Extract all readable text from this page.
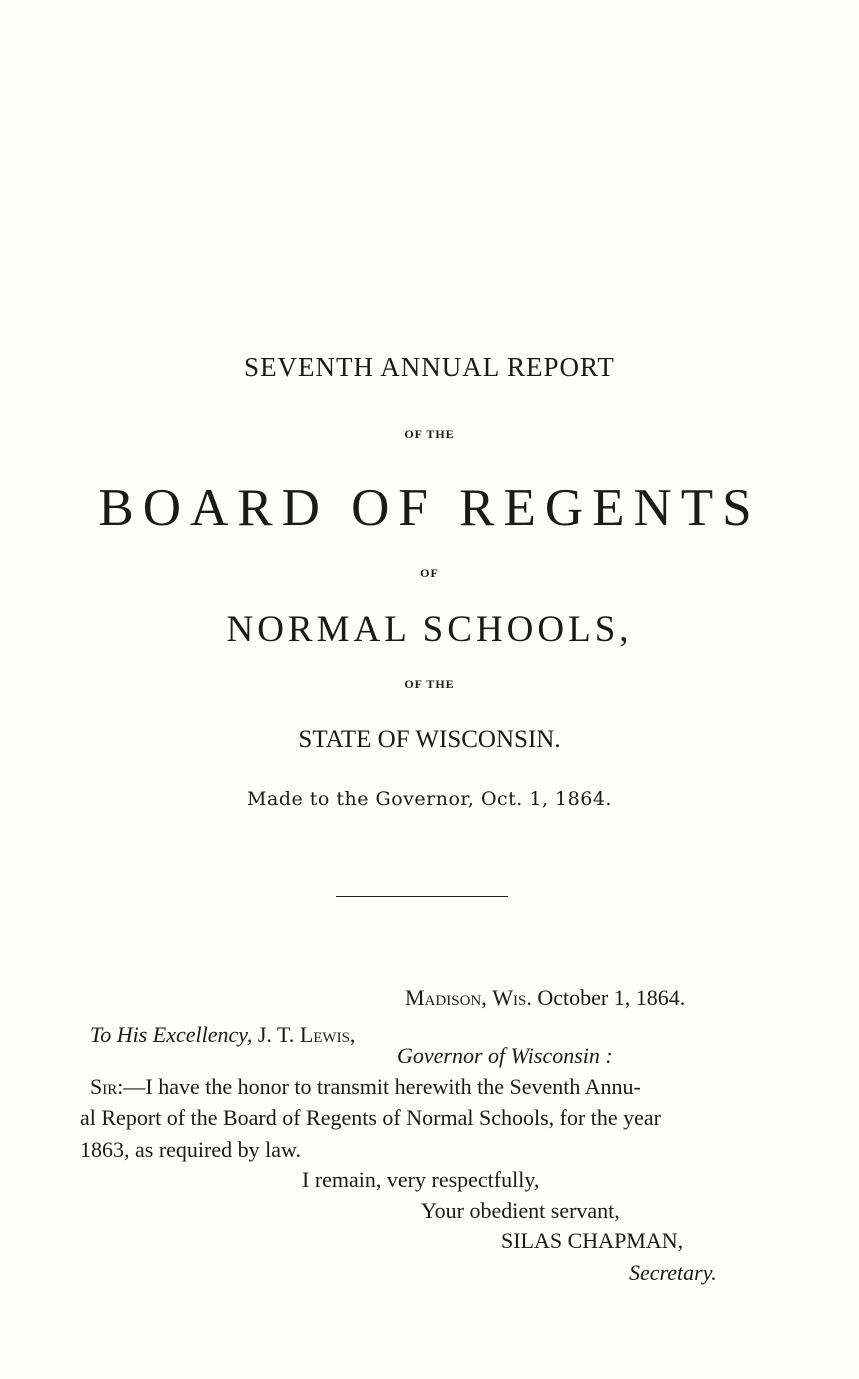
SEVENTH ANNUAL REPORT
OF THE
BOARD OF REGENTS
OF
NORMAL SCHOOLS,
OF THE
STATE OF WISCONSIN.
Made to the Governor, Oct. 1, 1864.
Madison, Wis. October 1, 1864.
To His Excellency, J. T. Lewis,
Governor of Wisconsin :
Sir:—I have the honor to transmit herewith the Seventh Annu-
al Report of the Board of Regents of Normal Schools, for the year
1863, as required by law.
I remain, very respectfully,
Your obedient servant,
SILAS CHAPMAN,
Secretary.
